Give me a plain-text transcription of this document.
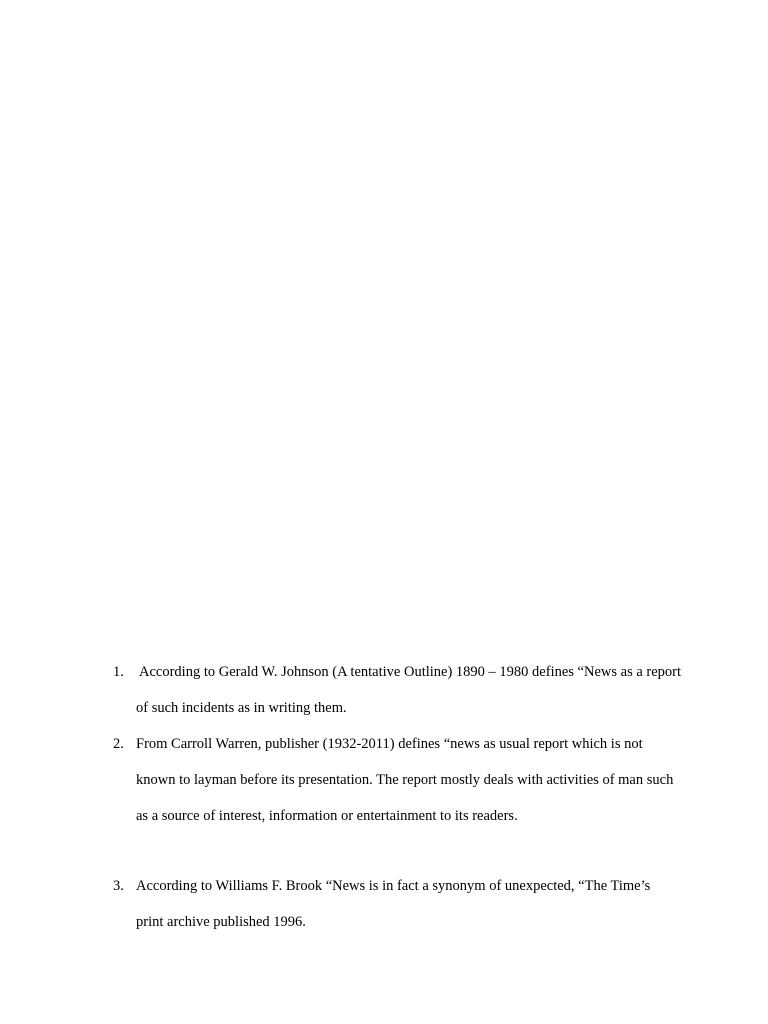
1. According to Gerald W. Johnson (A tentative Outline) 1890 – 1980 defines “News as a report of such incidents as in writing them.
2. From Carroll Warren, publisher (1932-2011) defines “news as usual report which is not known to layman before its presentation. The report mostly deals with activities of man such as a source of interest, information or entertainment to its readers.
3. According to Williams F. Brook “News is in fact a synonym of unexpected, “The Time’s print archive published 1996.
